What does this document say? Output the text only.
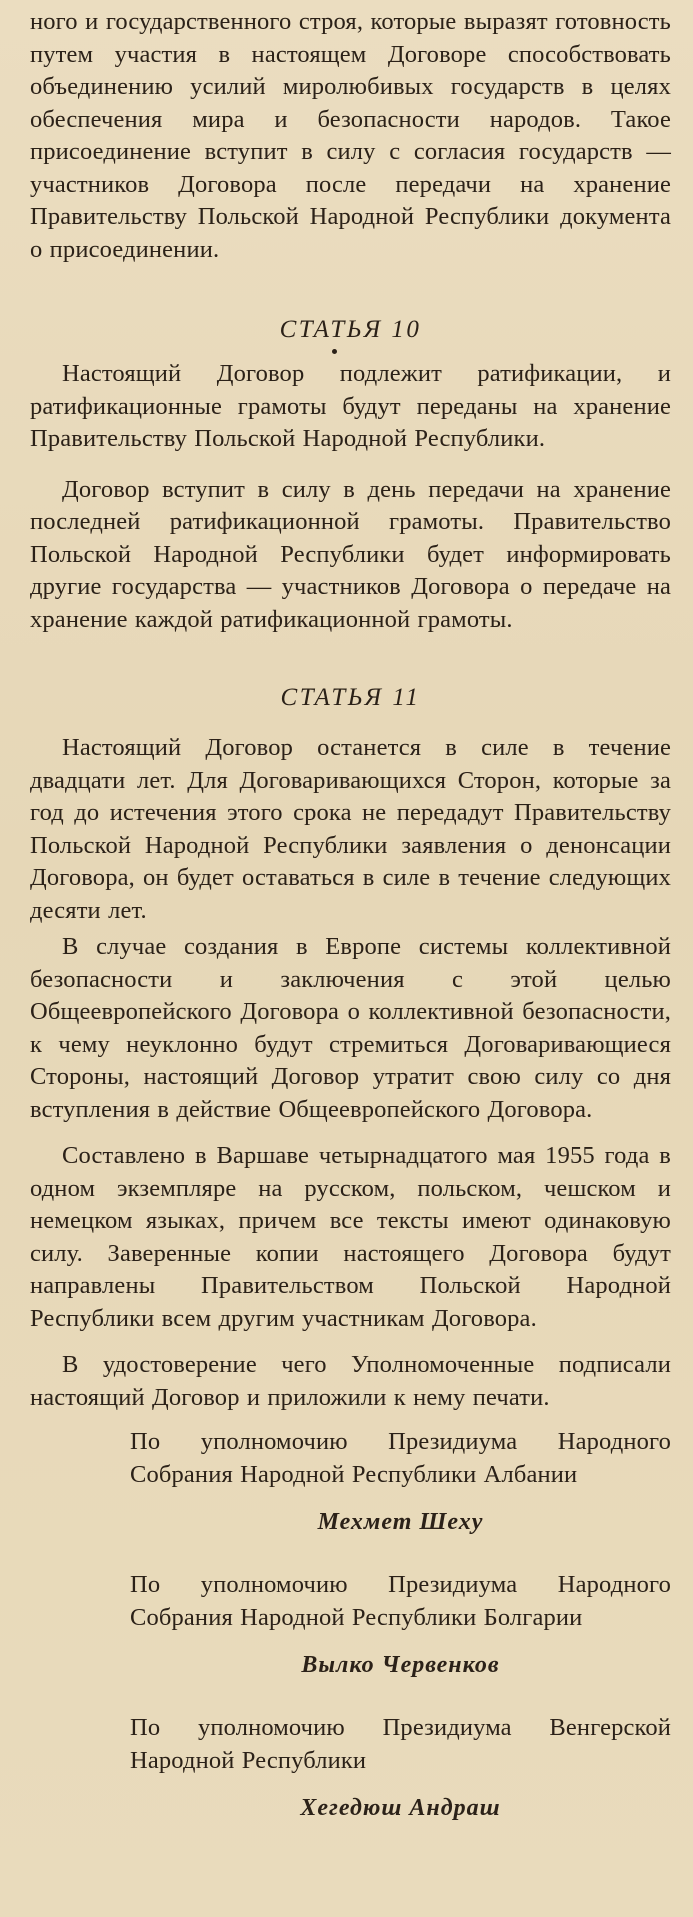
ного и государственного строя, которые выразят готовность путем участия в настоящем Договоре способствовать объединению усилий миролюбивых государств в целях обеспечения мира и безопасности народов. Такое присоединение вступит в силу с согласия государств — участников Договора после передачи на хранение Правительству Польской Народной Республики документа о присоединении.

СТАТЬЯ 10

Настоящий Договор подлежит ратификации, и ратификационные грамоты будут переданы на хранение Правительству Польской Народной Республики.

Договор вступит в силу в день передачи на хранение последней ратификационной грамоты. Правительство Польской Народной Республики будет информировать другие государства — участников Договора о передаче на хранение каждой ратификационной грамоты.

СТАТЬЯ 11

Настоящий Договор останется в силе в течение двадцати лет. Для Договаривающихся Сторон, которые за год до истечения этого срока не передадут Правительству Польской Народной Республики заявления о денонсации Договора, он будет оставаться в силе в течение следующих десяти лет.

В случае создания в Европе системы коллективной безопасности и заключения с этой целью Общеевропейского Договора о коллективной безопасности, к чему неуклонно будут стремиться Договаривающиеся Стороны, настоящий Договор утратит свою силу со дня вступления в действие Общеевропейского Договора.

Составлено в Варшаве четырнадцатого мая 1955 года в одном экземпляре на русском, польском, чешском и немецком языках, причем все тексты имеют одинаковую силу. Заверенные копии настоящего Договора будут направлены Правительством Польской Народной Республики всем другим участникам Договора.

В удостоверение чего Уполномоченные подписали настоящий Договор и приложили к нему печати.

По уполномочию Президиума Народного Собрания Народной Республики Албании

Мехмет Шеху

По уполномочию Президиума Народного Собрания Народной Республики Болгарии

Вылко Червенков

По уполномочию Президиума Венгерской Народной Республики

Хегедюш Андраш
